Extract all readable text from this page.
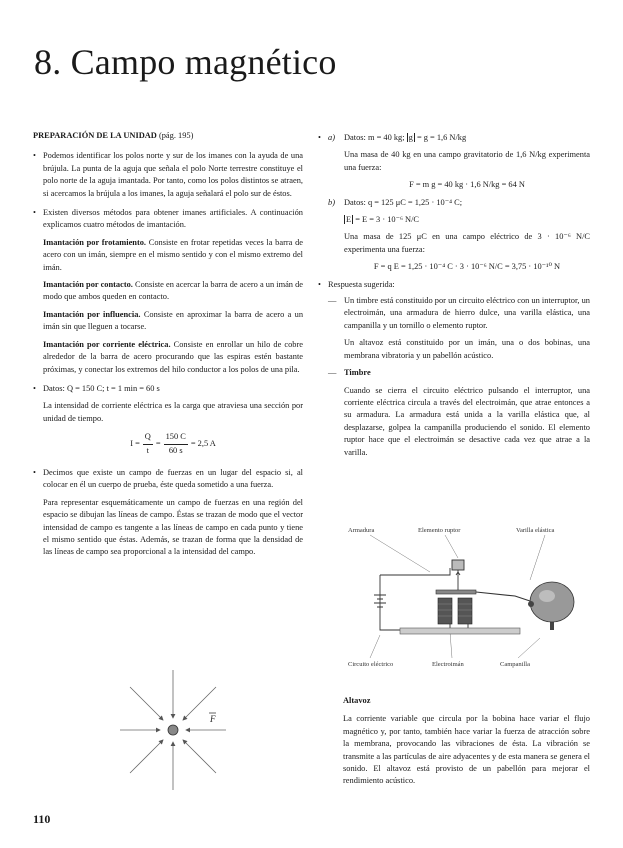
8. Campo magnético

PREPARACIÓN DE LA UNIDAD (pág. 195)

• Podemos identificar los polos norte y sur de los imanes con la ayuda de una brújula. La punta de la aguja que señala el polo Norte terrestre constituye el polo norte de la aguja imantada. Por tanto, como los polos distintos se atraen, si acercamos la brújula a los imanes, la aguja señalará el polo sur de éstos.
• Existen diversos métodos para obtener imanes artificiales. A continuación explicamos cuatro métodos de imantación.

Imantación por frotamiento. Consiste en frotar repetidas veces la barra de acero con un imán, siempre en el mismo sentido y con el mismo extremo del imán.

Imantación por contacto. Consiste en acercar la barra de acero a un imán de modo que ambos queden en contacto.

Imantación por influencia. Consiste en aproximar la barra de acero a un imán sin que lleguen a tocarse.

Imantación por corriente eléctrica. Consiste en enrollar un hilo de cobre alrededor de la barra de acero procurando que las espiras estén bastante próximas, y conectar los extremos del hilo conductor a los polos de una pila.

• Datos: Q = 150 C; t = 1 min = 60 s

La intensidad de corriente eléctrica es la carga que atraviesa una sección por unidad de tiempo.

$I = \frac{Q}{t} = \frac{150 C}{60 s} = 2,5$ A
• Decimos que existe un campo de fuerzas en un lugar del espacio si, al colocar en él un cuerpo de prueba, éste queda sometido a una fuerza.

Para representar esquemáticamente un campo de fuerzas en una región del espacio se dibujan las líneas de campo. Éstas se trazan de modo que el vector intensidad de campo es tangente a las líneas de campo en cada punto y tiene el mismo sentido que éstas. Además, se trazan de forma que la densidad de las líneas de campo sea proporcional a la intensidad del campo.

F
• a) Datos: m = 40 kg; g = g = 1,6 N/kg

Una masa de 40 kg en una campo gravitatorio de 1,6 N/kg experimenta una fuerza:

F = m g = 40 kg · 1,6 N/kg = 64 N

b) Datos: q = 125 μC = 1,25 · 10⁻⁴ C;

E = E = 3 · 10⁻⁶ N/C

Una masa de 125 μC en una campo eléctrico de 3 · 10⁻⁶ N/C experimenta una fuerza:

F = q E = 1,25 · 10⁻⁴ C · 3 · 10⁻⁶ N/C = 3,75 · 10⁻¹⁰ N

• Respuesta sugerida:
— Un timbre está constituido por un circuito eléctrico con un interruptor, un electroimán, una armadura de hierro dulce, una varilla elástica, una campanilla y un tornillo o elemento ruptor.

Un altavoz está constituido por un imán, una o dos bobinas, una membrana vibratoria y un pabellón acústico.

— Timbre

Cuando se cierra el circuito eléctrico pulsando el interruptor, una corriente eléctrica circula a través del electroimán, que atrae entonces a su armadura. La armadura está unida a la varilla elástica que, al desplazarse, golpea la campanilla produciendo el sonido. El elemento ruptor hace que el electroimán se desactive cada vez que atrae a la varilla.

Armadura	Elemento ruptor	Varilla elástica
Circuito eléctrico	Electroimán	Campanilla

Altavoz

La corriente variable que circula por la bobina hace variar el flujo magnético y, por tanto, también hace variar la fuerza de atracción sobre la membrana, provocando las vibraciones de ésta. La vibración se transmite a las partículas de aire adyacentes y de esta manera se genera el sonido. El altavoz está provisto de un pabellón para mejorar el rendimiento acústico.

110
